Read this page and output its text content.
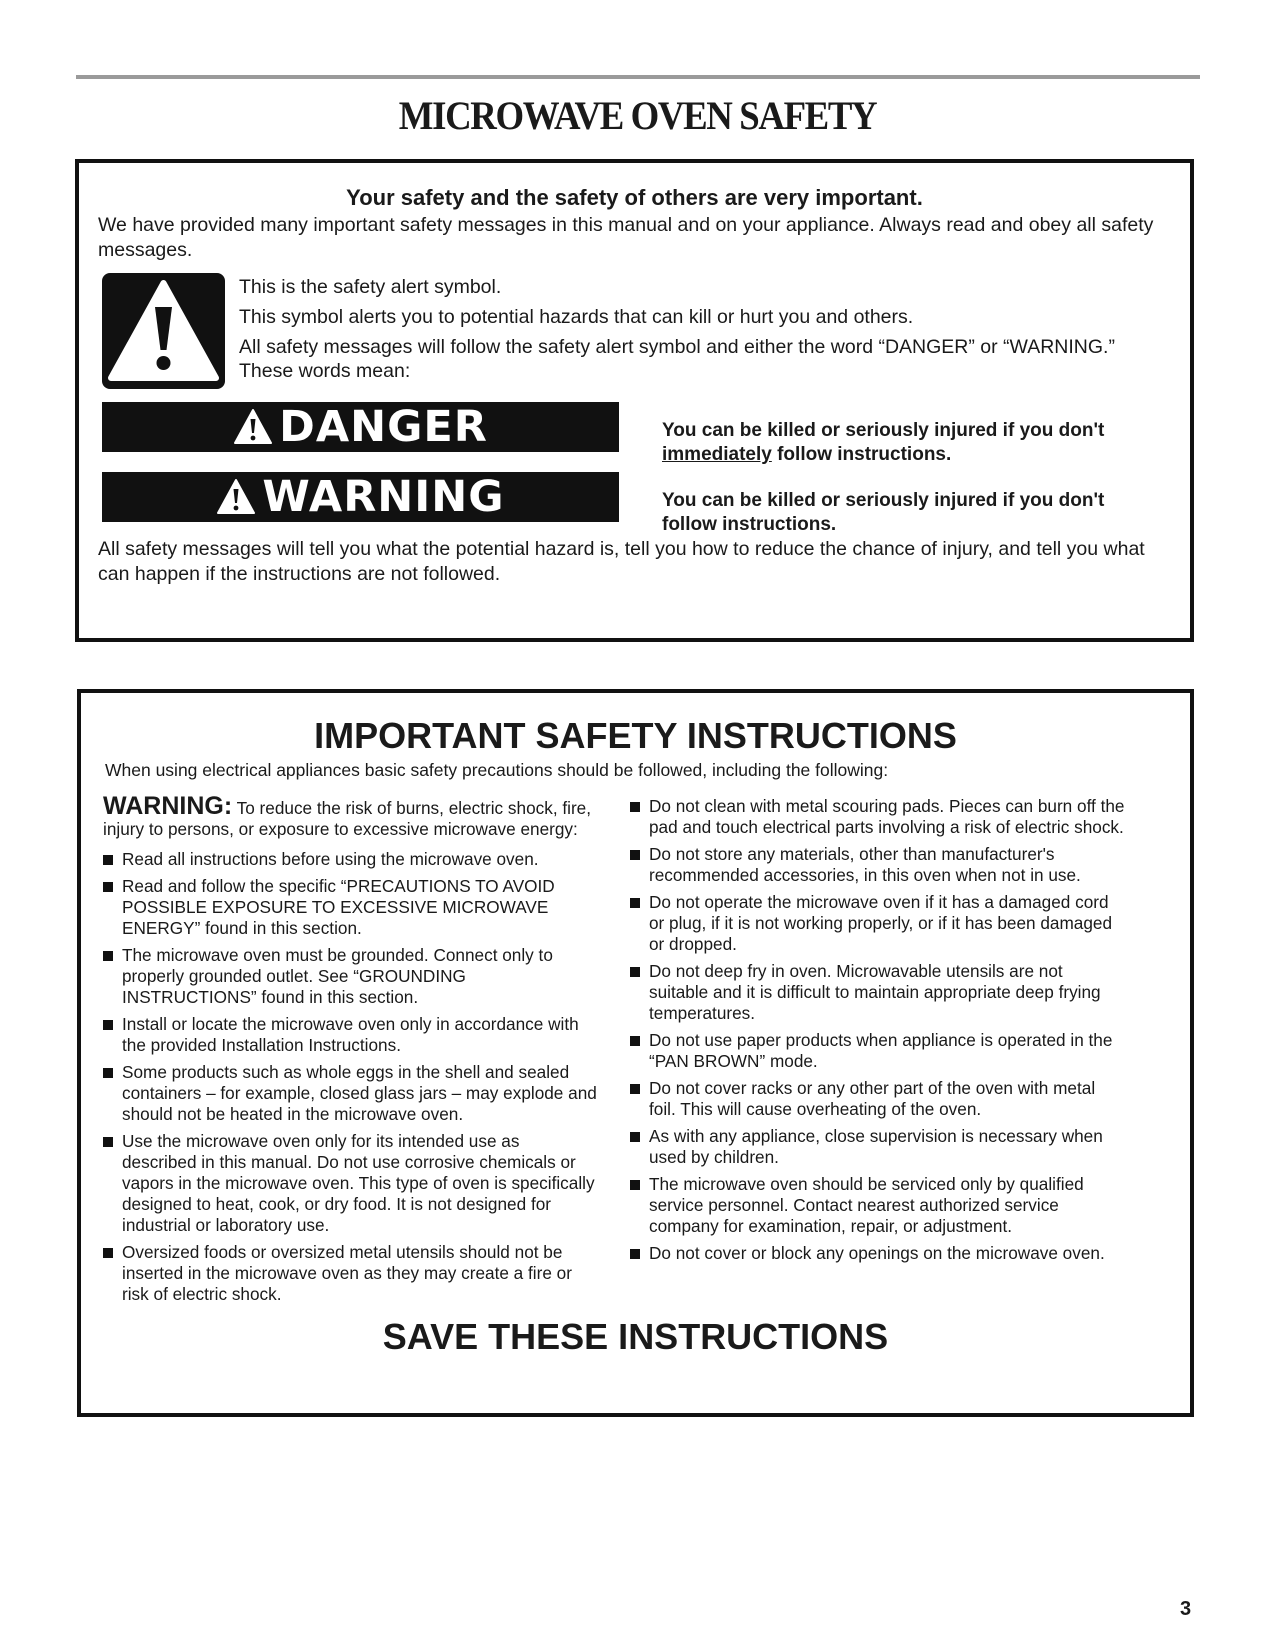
MICROWAVE OVEN SAFETY

Your safety and the safety of others are very important.

We have provided many important safety messages in this manual and on your appliance. Always read and obey all safety messages.

This is the safety alert symbol.

This symbol alerts you to potential hazards that can kill or hurt you and others.

All safety messages will follow the safety alert symbol and either the word “DANGER” or “WARNING.” These words mean:

DANGER	You can be killed or seriously injured if you don't immediately follow instructions.

WARNING	You can be killed or seriously injured if you don't follow instructions.

All safety messages will tell you what the potential hazard is, tell you how to reduce the chance of injury, and tell you what can happen if the instructions are not followed.

IMPORTANT SAFETY INSTRUCTIONS

When using electrical appliances basic safety precautions should be followed, including the following:

WARNING: To reduce the risk of burns, electric shock, fire, injury to persons, or exposure to excessive microwave energy:

Read all instructions before using the microwave oven.
Read and follow the specific “PRECAUTIONS TO AVOID POSSIBLE EXPOSURE TO EXCESSIVE MICROWAVE ENERGY” found in this section.
The microwave oven must be grounded. Connect only to properly grounded outlet. See “GROUNDING INSTRUCTIONS” found in this section.
Install or locate the microwave oven only in accordance with the provided Installation Instructions.
Some products such as whole eggs in the shell and sealed containers – for example, closed glass jars – may explode and should not be heated in the microwave oven.
Use the microwave oven only for its intended use as described in this manual. Do not use corrosive chemicals or vapors in the microwave oven. This type of oven is specifically designed to heat, cook, or dry food. It is not designed for industrial or laboratory use.
Oversized foods or oversized metal utensils should not be inserted in the microwave oven as they may create a fire or risk of electric shock.
Do not clean with metal scouring pads. Pieces can burn off the pad and touch electrical parts involving a risk of electric shock.
Do not store any materials, other than manufacturer's recommended accessories, in this oven when not in use.
Do not operate the microwave oven if it has a damaged cord or plug, if it is not working properly, or if it has been damaged or dropped.
Do not deep fry in oven. Microwavable utensils are not suitable and it is difficult to maintain appropriate deep frying temperatures.
Do not use paper products when appliance is operated in the “PAN BROWN” mode.
Do not cover racks or any other part of the oven with metal foil. This will cause overheating of the oven.
As with any appliance, close supervision is necessary when used by children.
The microwave oven should be serviced only by qualified service personnel. Contact nearest authorized service company for examination, repair, or adjustment.
Do not cover or block any openings on the microwave oven.
SAVE THESE INSTRUCTIONS
3
